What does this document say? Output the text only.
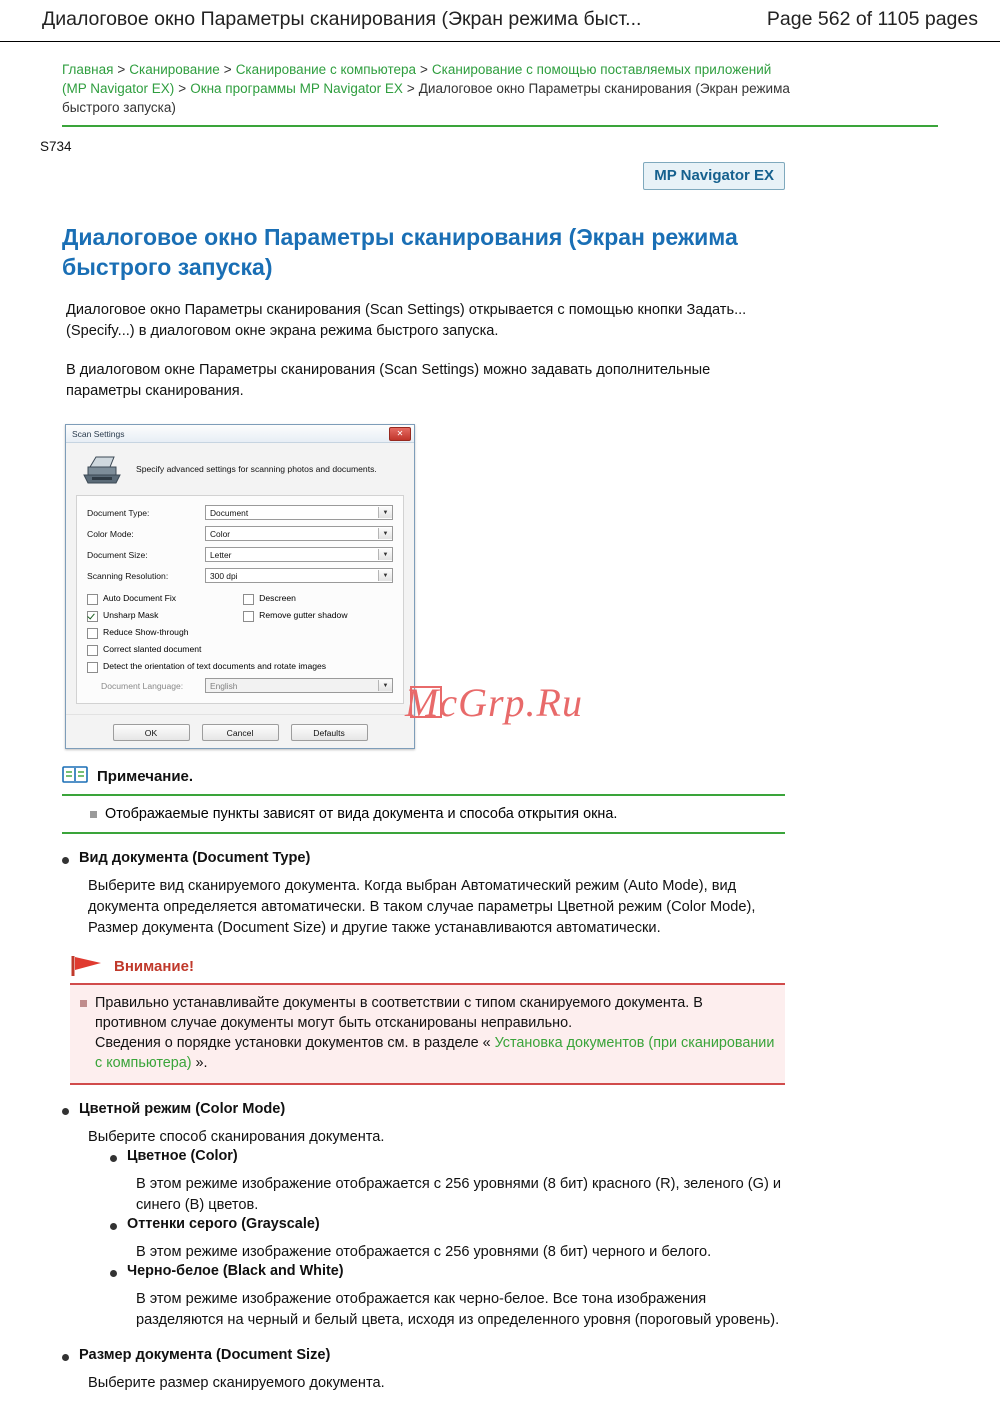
Диалоговое окно Параметры сканирования (Экран режима быст...	Page 562 of 1105 pages
Главная > Сканирование > Сканирование с компьютера > Сканирование с помощью поставляемых приложений (MP Navigator EX) > Окна программы MP Navigator EX > Диалоговое окно Параметры сканирования (Экран режима быстрого запуска)
S734
MP Navigator EX
Диалоговое окно Параметры сканирования (Экран режима быстрого запуска)

Диалоговое окно Параметры сканирования (Scan Settings) открывается с помощью кнопки Задать... (Specify...) в диалоговом окне экрана режима быстрого запуска.

В диалоговом окне Параметры сканирования (Scan Settings) можно задавать дополнительные параметры сканирования.

Scan Settings	✕
Specify advanced settings for scanning photos and documents.
Document Type:	Document	▼
Color Mode:	Color	▼
Document Size:	Letter	▼
Scanning Resolution:	300 dpi	▼
Auto Document Fix
Unsharp Mask
Descreen
Remove gutter shadow
Reduce Show-through
Correct slanted document
Detect the orientation of text documents and rotate images
Document Language:	English	▼
OK	Cancel	Defaults
McGrp.Ru
Примечание.
Отображаемые пункты зависят от вида документа и способа открытия окна.
Вид документа (Document Type)

Выберите вид сканируемого документа. Когда выбран Автоматический режим (Auto Mode), вид документа определяется автоматически. В таком случае параметры Цветной режим (Color Mode), Размер документа (Document Size) и другие также устанавливаются автоматически.

Внимание!
Правильно устанавливайте документы в соответствии с типом сканируемого документа. В противном случае документы могут быть отсканированы неправильно.
Сведения о порядке установки документов см. в разделе « Установка документов (при сканировании с компьютера) ».
Цветной режим (Color Mode)

Выберите способ сканирования документа.

Цветное (Color)

В этом режиме изображение отображается с 256 уровнями (8 бит) красного (R), зеленого (G) и синего (B) цветов.

Оттенки серого (Grayscale)

В этом режиме изображение отображается с 256 уровнями (8 бит) черного и белого.

Черно-белое (Black and White)

В этом режиме изображение отображается как черно-белое. Все тона изображения разделяются на черный и белый цвета, исходя из определенного уровня (пороговый уровень).

Размер документа (Document Size)

Выберите размер сканируемого документа.
